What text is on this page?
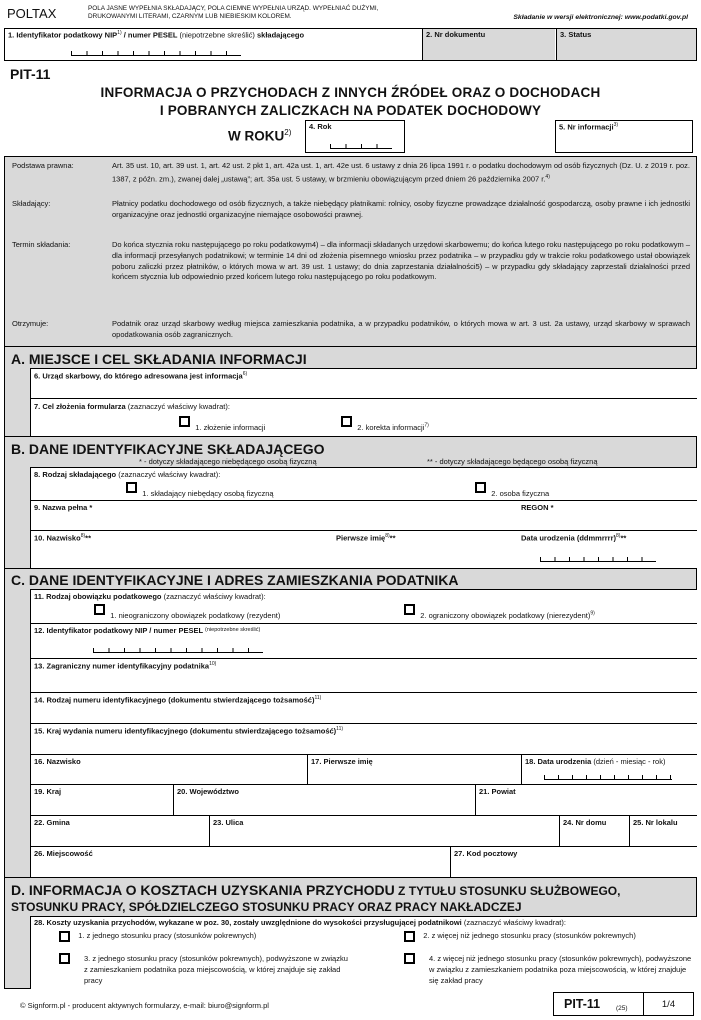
POLTAX	POLA JASNE WYPEŁNIA SKŁADAJĄCY, POLA CIEMNE WYPEŁNIA URZĄD. WYPEŁNIAĆ DUŻYMI, DRUKOWANYMI LITERAMI, CZARNYM LUB NIEBIESKIM KOLOREM.	Składanie w wersji elektronicznej: www.podatki.gov.pl
1. Identyfikator podatkowy NIP$^{1)}$ / numer PESEL (niepotrzebne skreślić) składającego	2. Nr dokumentu	3. Status
PIT-11
INFORMACJA O PRZYCHODACH Z INNYCH ŹRÓDEŁ ORAZ O DOCHODACH
I POBRANYCH ZALICZKACH NA PODATEK DOCHODOWY
W ROKU$^{2)}$
4. Rok	5. Nr informacji$^{3)}$
Podstawa prawna:	Art. 35 ust. 10, art. 39 ust. 1, art. 42 ust. 2 pkt 1, art. 42a ust. 1, art. 42e ust. 6 ustawy z dnia 26 lipca 1991 r. o podatku dochodowym od osób fizycznych (Dz. U. z 2019 r. poz. 1387, z późn. zm.), zwanej dalej „ustawą”; art. 35a ust. 5 ustawy, w brzmieniu obowiązującym przed dniem 26 października 2007 r.$^{4)}$
Składający:	Płatnicy podatku dochodowego od osób fizycznych, a także niebędący płatnikami: rolnicy, osoby fizyczne prowadzące działalność gospodarczą, osoby prawne i ich jednostki organizacyjne oraz jednostki organizacyjne niemające osobowości prawnej.
Termin składania:	Do końca stycznia roku następującego po roku podatkowym4) – dla informacji składanych urzędowi skarbowemu; do końca lutego roku następującego po roku podatkowym – dla informacji przesyłanych podatnikowi; w terminie 14 dni od złożenia pisemnego wniosku przez podatnika – w przypadku gdy w trakcie roku podatkowego ustał obowiązek poboru zaliczki przez płatników, o których mowa w art. 39 ust. 1 ustawy; do dnia zaprzestania działalności5) – w przypadku gdy składający zaprzestali działalności przed końcem stycznia lub odpowiednio przed końcem lutego roku następującego po roku podatkowym.
Otrzymuje:	Podatnik oraz urząd skarbowy według miejsca zamieszkania podatnika, a w przypadku podatników, o których mowa w art. 3 ust. 2a ustawy, urząd skarbowy w sprawach opodatkowania osób zagranicznych.
A. MIEJSCE I CEL SKŁADANIA INFORMACJI
6. Urząd skarbowy, do którego adresowana jest informacja$^{6)}$
7. Cel złożenia formularza (zaznaczyć właściwy kwadrat):
1. złożenie informacji	2. korekta informacji$^{7)}$
B. DANE IDENTYFIKACYJNE SKŁADAJĄCEGO
* - dotyczy składającego niebędącego osobą fizyczną	** - dotyczy składającego będącego osobą fizyczną
8. Rodzaj składającego (zaznaczyć właściwy kwadrat):
1. składający niebędący osobą fizyczną	2. osoba fizyczna
9. Nazwa pełna *	REGON *
10. Nazwisko$^{8)}$**	Pierwsze imię$^{8)}$**	Data urodzenia (ddmmrrrr)$^{8)}$**
C. DANE IDENTYFIKACYJNE I ADRES ZAMIESZKANIA PODATNIKA
11. Rodzaj obowiązku podatkowego (zaznaczyć właściwy kwadrat):
1. nieograniczony obowiązek podatkowy (rezydent)	2. ograniczony obowiązek podatkowy (nierezydent)$^{9)}$
12. Identyfikator podatkowy NIP / numer PESEL $^{(niepotrzebne skreślić)}$
13. Zagraniczny numer identyfikacyjny podatnika$^{10)}$
14. Rodzaj numeru identyfikacyjnego (dokumentu stwierdzającego tożsamość)$^{11)}$
15. Kraj wydania numeru identyfikacyjnego (dokumentu stwierdzającego tożsamość)$^{11)}$
16. Nazwisko	17. Pierwsze imię	18. Data urodzenia (dzień - miesiąc - rok)
19. Kraj	20. Województwo	21. Powiat
22. Gmina	23. Ulica	24. Nr domu	25. Nr lokalu
26. Miejscowość	27. Kod pocztowy
D. INFORMACJA O KOSZTACH UZYSKANIA PRZYCHODU Z TYTUŁU STOSUNKU SŁUŻBOWEGO,
STOSUNKU PRACY, SPÓŁDZIELCZEGO STOSUNKU PRACY ORAZ PRACY NAKŁADCZEJ
28. Koszty uzyskania przychodów, wykazane w poz. 30, zostały uwzględnione do wysokości przysługującej podatnikowi (zaznaczyć właściwy kwadrat):
1. z jednego stosunku pracy (stosunków pokrewnych)	2. z więcej niż jednego stosunku pracy (stosunków pokrewnych)
3. z jednego stosunku pracy (stosunków pokrewnych), podwyższone w związku z zamieszkaniem podatnika poza miejscowością, w której znajduje się zakład pracy
4. z więcej niż jednego stosunku pracy (stosunków pokrewnych), podwyższone w związku z zamieszkaniem podatnika poza miejscowością, w której znajduje się zakład pracy
© Signform.pl - producent aktywnych formularzy, e-mail: biuro@signform.pl	PIT-11 (25)	1/4
